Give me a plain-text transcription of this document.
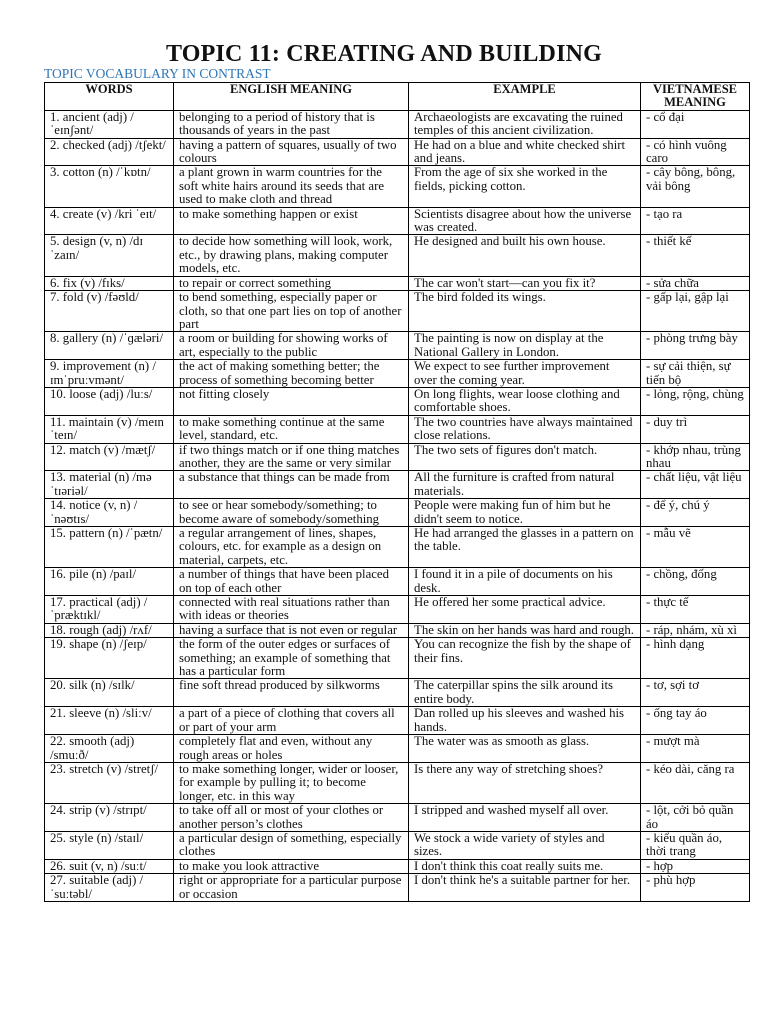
TOPIC 11: CREATING AND BUILDING

TOPIC VOCABULARY IN CONTRAST

WORDS	ENGLISH MEANING	EXAMPLE	VIETNAMESE MEANING
1. ancient (adj) /ˈeɪnʃənt/	belonging to a period of history that is thousands of years in the past	Archaeologists are excavating the ruined temples of this ancient civilization.	- cổ đại
2. checked (adj) /tʃekt/	having a pattern of squares, usually of two colours	He had on a blue and white checked shirt and jeans.	- có hình vuông caro
3. cotton (n) /ˈkɒtn/	a plant grown in warm countries for the soft white hairs around its seeds that are used to make cloth and thread	From the age of six she worked in the fields, picking cotton.	- cây bông, bông, vải bông
4. create (v) /kri ˈeɪt/	to make something happen or exist	Scientists disagree about how the universe was created.	- tạo ra
5. design (v, n) /dɪ ˈzaɪn/	to decide how something will look, work, etc., by drawing plans, making computer models, etc.	He designed and built his own house.	- thiết kế
6. fix (v) /fɪks/	to repair or correct something	The car won't start—can you fix it?	- sửa chữa
7. fold (v) /fəʊld/	to bend something, especially paper or cloth, so that one part lies on top of another part	The bird folded its wings.	- gấp lại, gập lại
8. gallery (n) /ˈɡæləri/	a room or building for showing works of art, especially to the public	The painting is now on display at the National Gallery in London.	- phòng trưng bày
9. improvement (n) /ɪmˈpruːvmənt/	the act of making something better; the process of something becoming better	We expect to see further improvement over the coming year.	- sự cải thiện, sự tiến bộ
10. loose (adj) /luːs/	not fitting closely	On long flights, wear loose clothing and comfortable shoes.	- lỏng, rộng, chùng
11. maintain (v) /meɪnˈteɪn/	to make something continue at the same level, standard, etc.	The two countries have always maintained close relations.	- duy trì
12. match (v) /mætʃ/	if two things match or if one thing matches another, they are the same or very similar	The two sets of figures don't match.	- khớp nhau, trùng nhau
13. material (n) /mə ˈtɪəriəl/	a substance that things can be made from	All the furniture is crafted from natural materials.	- chất liệu, vật liệu
14. notice (v, n) /ˈnəʊtɪs/	to see or hear somebody/something; to become aware of somebody/something	People were making fun of him but he didn't seem to notice.	- để ý, chú ý
15. pattern (n) /ˈpætn/	a regular arrangement of lines, shapes, colours, etc. for example as a design on material, carpets, etc.	He had arranged the glasses in a pattern on the table.	- mẫu vẽ
16. pile (n) /paɪl/	a number of things that have been placed on top of each other	I found it in a pile of documents on his desk.	- chồng, đống
17. practical (adj) /ˈpræktɪkl/	connected with real situations rather than with ideas or theories	He offered her some practical advice.	- thực tế
18. rough (adj) /rʌf/	having a surface that is not even or regular	The skin on her hands was hard and rough.	- ráp, nhám, xù xì
19. shape (n) /ʃeɪp/	the form of the outer edges or surfaces of something; an example of something that has a particular form	You can recognize the fish by the shape of their fins.	- hình dạng
20. silk (n) /sɪlk/	fine soft thread produced by silkworms	The caterpillar spins the silk around its entire body.	- tơ, sợi tơ
21. sleeve (n) /sliːv/	a part of a piece of clothing that covers all or part of your arm	Dan rolled up his sleeves and washed his hands.	- ống tay áo
22. smooth (adj) /smuːð/	completely flat and even, without any rough areas or holes	The water was as smooth as glass.	- mượt mà
23. stretch (v) /stretʃ/	to make something longer, wider or looser, for example by pulling it; to become longer, etc. in this way	Is there any way of stretching shoes?	- kéo dài, căng ra
24. strip (v) /strɪpt/	to take off all or most of your clothes or another person’s clothes	I stripped and washed myself all over.	- lột, cởi bỏ quần áo
25. style (n) /staɪl/	a particular design of something, especially clothes	We stock a wide variety of styles and sizes.	- kiểu quần áo, thời trang
26. suit (v, n) /suːt/	to make you look attractive	I don't think this coat really suits me.	- hợp
27. suitable (adj) /ˈsuːtəbl/	right or appropriate for a particular purpose or occasion	I don't think he's a suitable partner for her.	- phù hợp
